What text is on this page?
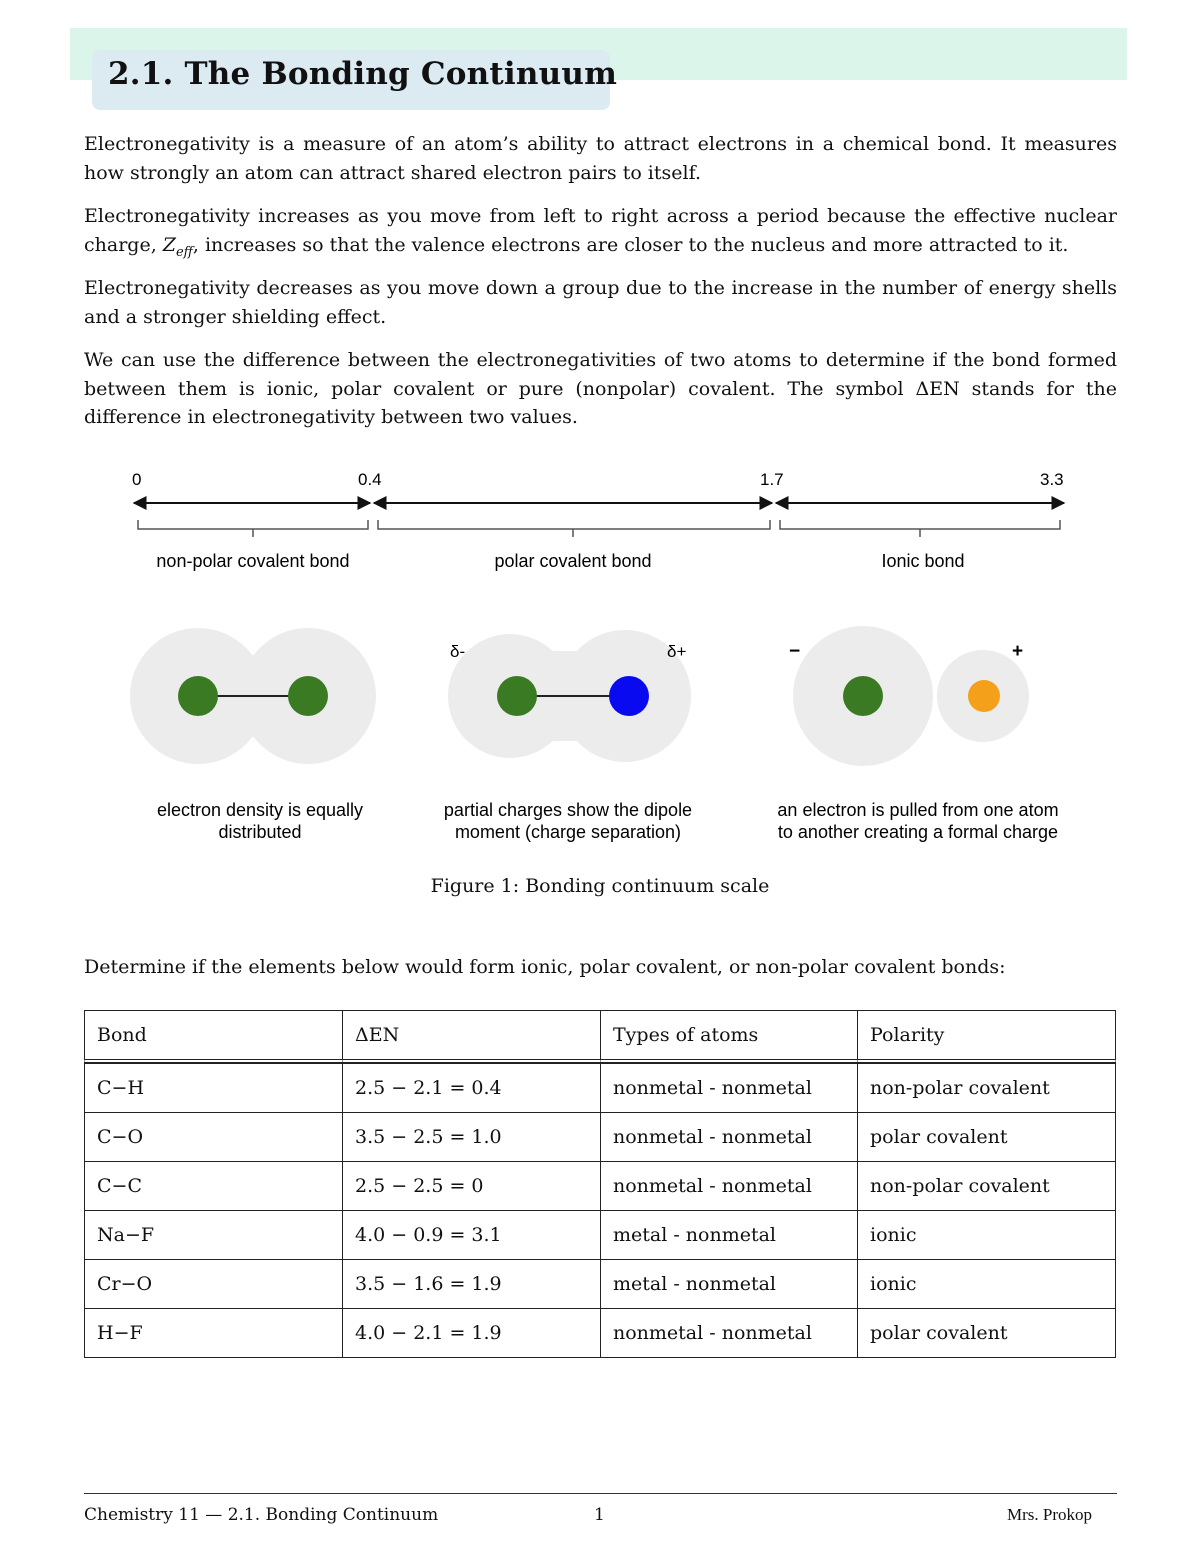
2.1. The Bonding Continuum

Electronegativity is a measure of an atom’s ability to attract electrons in a chemical bond. It measures how strongly an atom can attract shared electron pairs to itself.

Electronegativity increases as you move from left to right across a period because the effective nuclear charge, $Z_{eff}$, increases so that the valence electrons are closer to the nucleus and more attracted to it.

Electronegativity decreases as you move down a group due to the increase in the number of energy shells and a stronger shielding effect.

We can use the difference between the electronegativities of two atoms to determine if the bond formed between them is ionic, polar covalent or pure (nonpolar) covalent. The symbol ΔEN stands for the difference in electronegativity between two values.

0	0.4	1.7	3.3
non-polar covalent bond	polar covalent bond	Ionic bond
δ-	δ+	−	+
electron density is equally
distributed
partial charges show the dipole
moment (charge separation)
an electron is pulled from one atom
to another creating a formal charge
Figure 1: Bonding continuum scale

Determine if the elements below would form ionic, polar covalent, or non-polar covalent bonds:

Bond	ΔEN	Types of atoms	Polarity
C−H	2.5 − 2.1 = 0.4	nonmetal - nonmetal	non-polar covalent
C−O	3.5 − 2.5 = 1.0	nonmetal - nonmetal	polar covalent
C−C	2.5 − 2.5 = 0	nonmetal - nonmetal	non-polar covalent
Na−F	4.0 − 0.9 = 3.1	metal - nonmetal	ionic
Cr−O	3.5 − 1.6 = 1.9	metal - nonmetal	ionic
H−F	4.0 − 2.1 = 1.9	nonmetal - nonmetal	polar covalent
Chemistry 11 — 2.1. Bonding Continuum	1	Mrs. Prokop
